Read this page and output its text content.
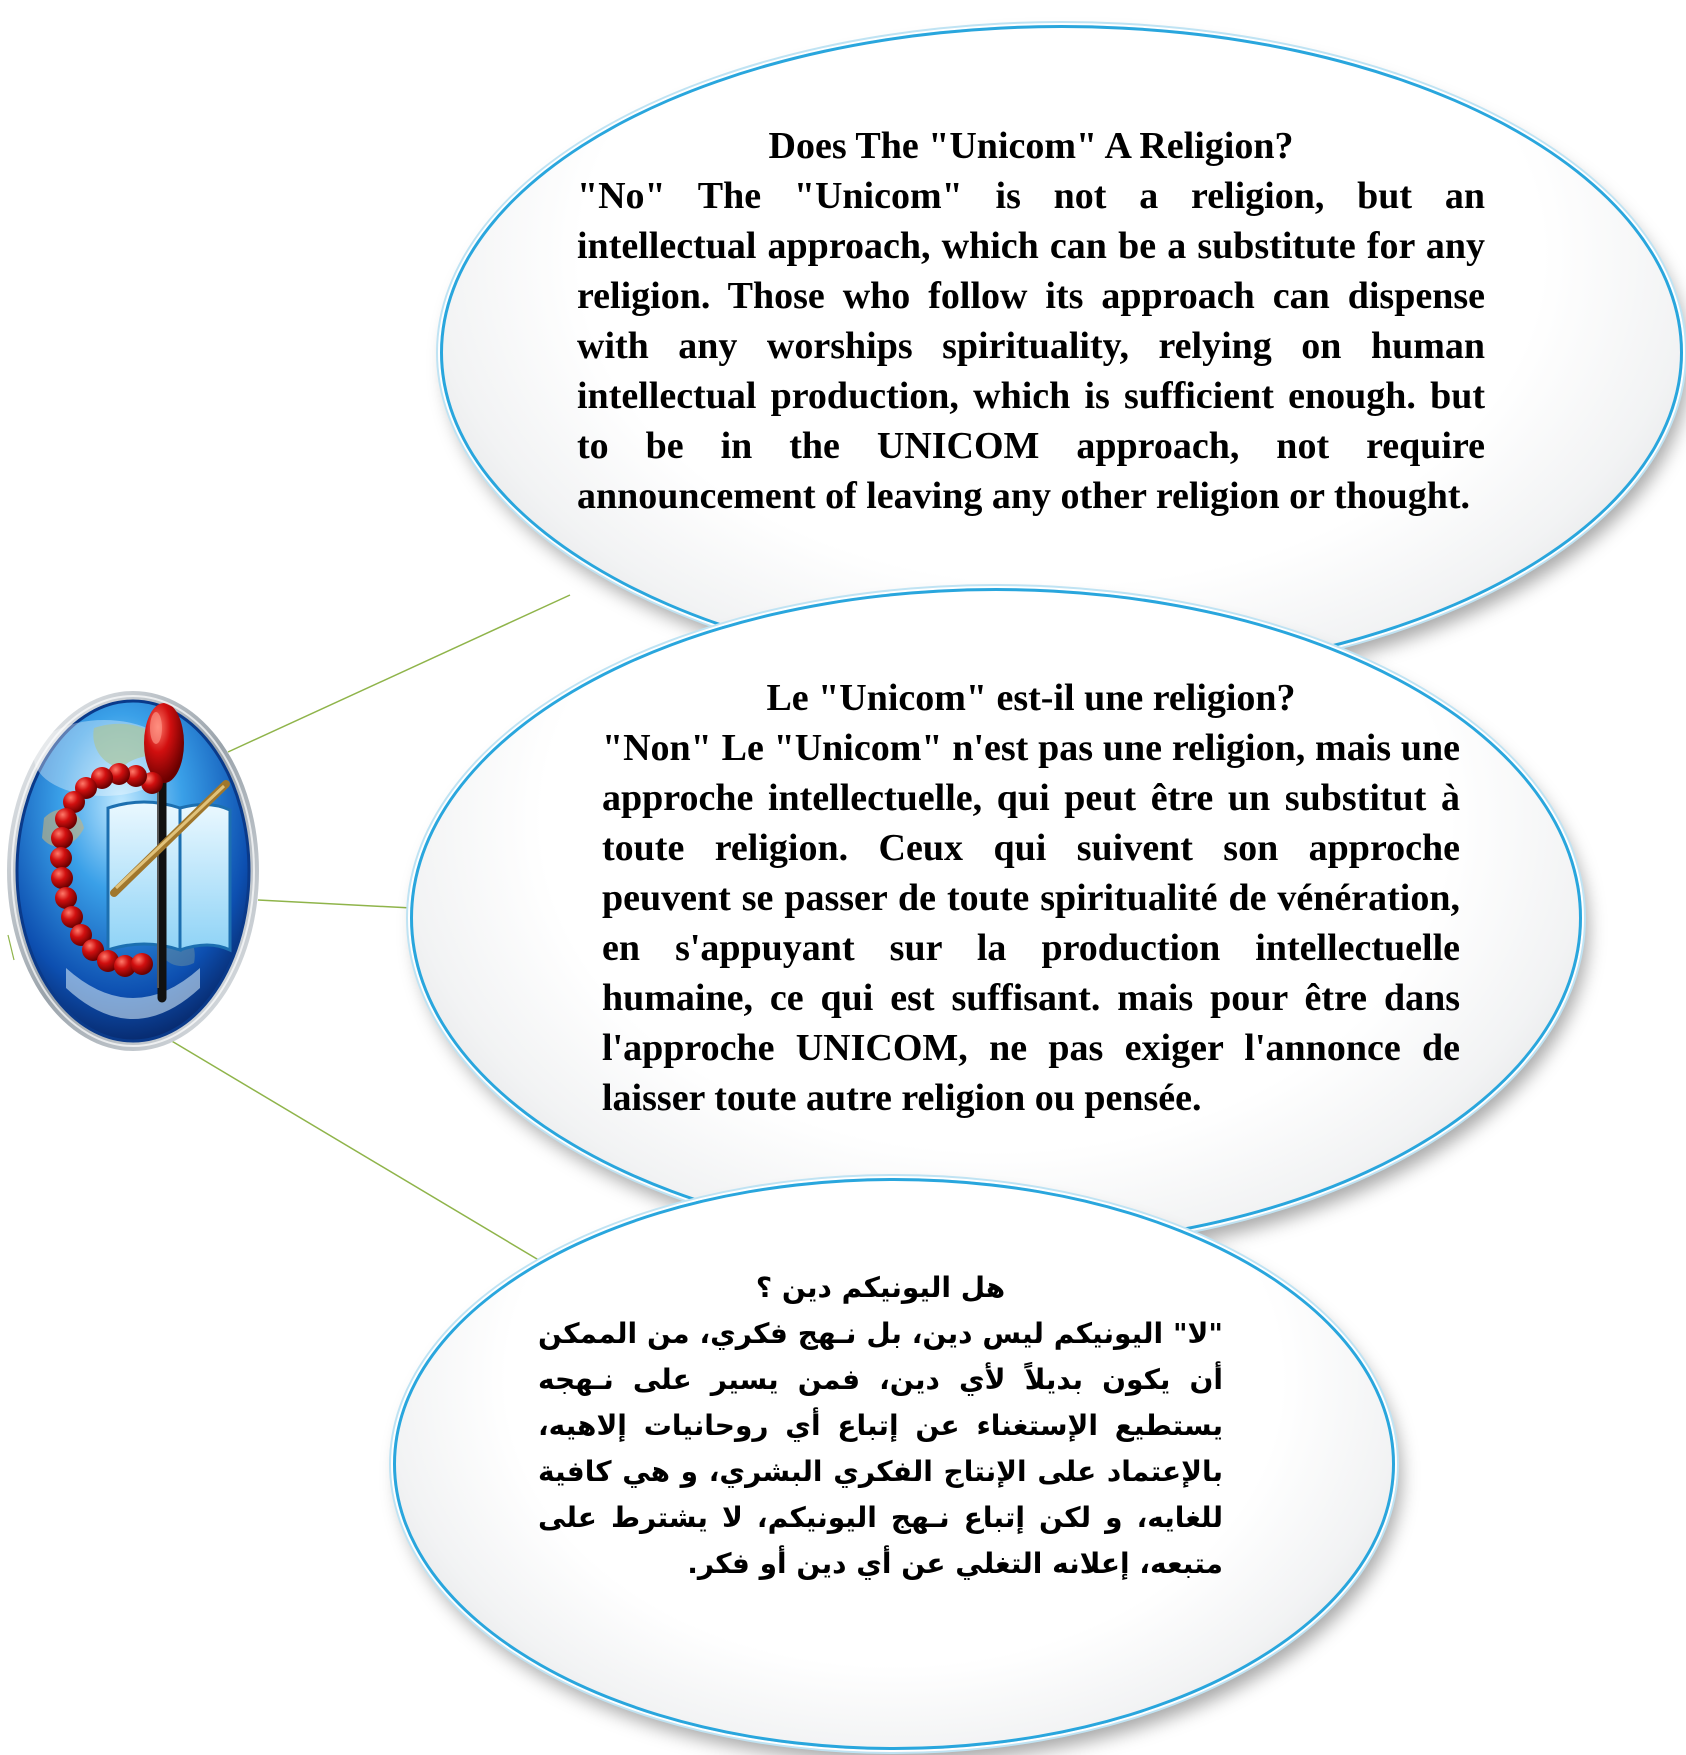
Does The "Unicom" A Religion?
"No" The "Unicom" is not a religion, but an intellectual approach, which can be a substitute for any religion. Those who follow its approach can dispense with any worships spirituality, relying on human intellectual production, which is sufficient enough. but to be in the UNICOM approach, not require announcement of leaving any other religion or thought.
Le "Unicom" est-il une religion?
"Non" Le "Unicom" n'est pas une religion, mais une approche intellectuelle, qui peut être un substitut à toute religion. Ceux qui suivent son approche peuvent se passer de toute spiritualité de vénération, en s'appuyant sur la production intellectuelle humaine, ce qui est suffisant. mais pour être dans l'approche UNICOM, ne pas exiger l'annonce de laisser toute autre religion ou pensée.
هل اليونيكم دين ؟
"لا" اليونيكم ليس دين، بل نـهج فكري، من الممكن أن يكون بديلاً لأي دين، فمن يسير على نـهجه يستطيع الإستغناء عن إتباع أي روحانيات إلاهيه، بالإعتماد على الإنتاج الفكري البشري، و هي كافية للغايه، و لكن إتباع نـهج اليونيكم، لا يشترط على متبعه، إعلانه التغلي عن أي دين أو فكر.
